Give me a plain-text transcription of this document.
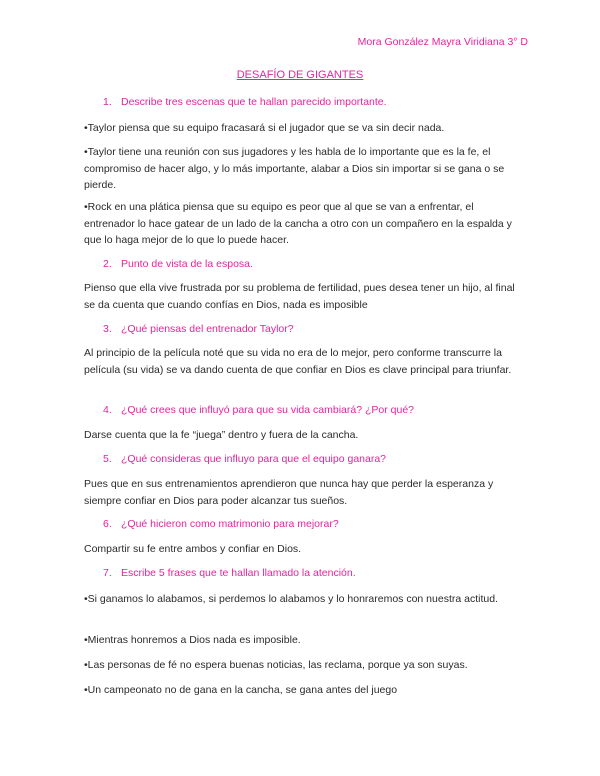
Mora González Mayra Viridiana 3° D
DESAFÍO DE GIGANTES
1. Describe tres escenas que te hallan parecido importante.
•Taylor piensa que su equipo fracasará si el jugador que se va sin decir nada.
•Taylor tiene una reunión con sus jugadores y les habla de lo importante que es la fe, el compromiso de hacer algo, y lo más importante, alabar a Dios sin importar si se gana o se pierde.
•Rock en una plática piensa que su equipo es peor que al que se van a enfrentar, el entrenador lo hace gatear de un lado de la cancha a otro con un compañero en la espalda y que lo haga mejor de lo que lo puede hacer.
2. Punto de vista de la esposa.
Pienso que ella vive frustrada por su problema de fertilidad, pues desea tener un hijo, al final se da cuenta que cuando confías en Dios, nada es imposible
3. ¿Qué piensas del entrenador Taylor?
Al principio de la película noté que su vida no era de lo mejor, pero conforme transcurre la película (su vida) se va dando cuenta de que confiar en Dios es clave principal para triunfar.
4. ¿Qué crees que influyó para que su vida cambiará? ¿Por qué?
Darse cuenta que la fe “juega” dentro y fuera de la cancha.
5. ¿Qué consideras que influyo para que el equipo ganara?
Pues que en sus entrenamientos aprendieron que nunca hay que perder la esperanza y siempre confiar en Dios para poder alcanzar tus sueños.
6. ¿Qué hicieron como matrimonio para mejorar?
Compartir su fe entre ambos y confiar en Dios.
7. Escribe 5 frases que te hallan llamado la atención.
•Si ganamos lo alabamos, si perdemos lo alabamos y lo honraremos con nuestra actitud.
•Mientras honremos a Dios nada es imposible.
•Las personas de fé no espera buenas noticias, las reclama, porque ya son suyas.
•Un campeonato no de gana en la cancha, se gana antes del juego
